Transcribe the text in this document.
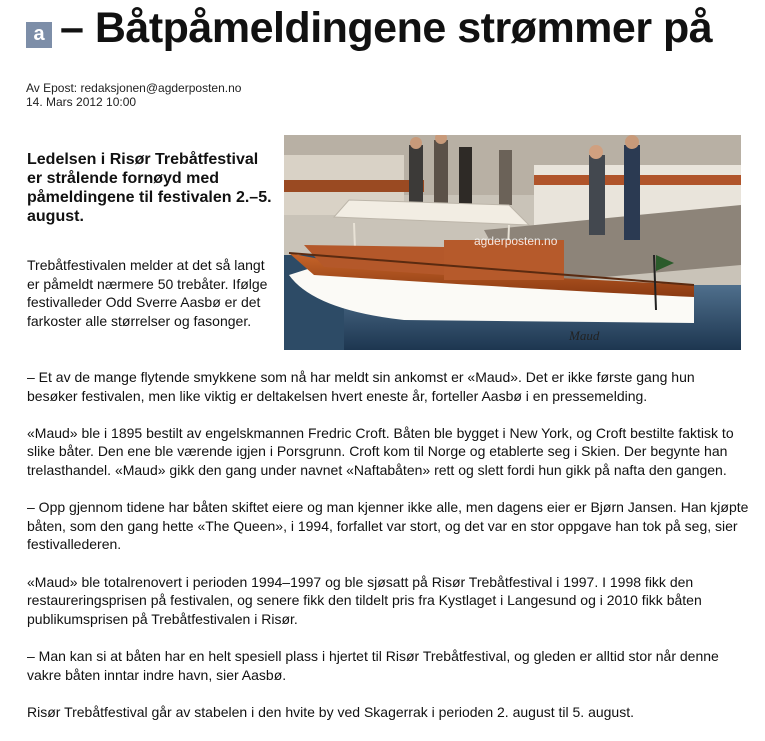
a – Båtpåmeldingene strømmer på
Av Epost: redaksjonen@agderposten.no
14. Mars 2012 10:00
Maud
agderposten.no
Ledelsen i Risør Trebåtfestival er strålende fornøyd med påmeldingene til festivalen 2.–5. august.
Trebåtfestivalen melder at det så langt er påmeldt nærmere 50 trebåter. Ifølge festivalleder Odd Sverre Aasbø er det farkoster alle størrelser og fasonger.

– Et av de mange flytende smykkene som nå har meldt sin ankomst er «Maud». Det er ikke første gang hun besøker festivalen, men like viktig er deltakelsen hvert eneste år, forteller Aasbø i en pressemelding.

«Maud» ble i 1895 bestilt av engelskmannen Fredric Croft. Båten ble bygget i New York, og Croft bestilte faktisk to slike båter. Den ene ble værende igjen i Porsgrunn. Croft kom til Norge og etablerte seg i Skien. Der begynte han trelasthandel. «Maud» gikk den gang under navnet «Naftabåten» rett og slett fordi hun gikk på nafta den gangen.

– Opp gjennom tidene har båten skiftet eiere og man kjenner ikke alle, men dagens eier er Bjørn Jansen. Han kjøpte båten, som den gang hette «The Queen», i 1994, forfallet var stort, og det var en stor oppgave han tok på seg, sier festivallederen.

«Maud» ble totalrenovert i perioden 1994–1997 og ble sjøsatt på Risør Trebåtfestival i 1997. I 1998 fikk den restaureringsprisen på festivalen, og senere fikk den tildelt pris fra Kystlaget i Langesund og i 2010 fikk båten publikumsprisen på Trebåtfestivalen i Risør.

– Man kan si at båten har en helt spesiell plass i hjertet til Risør Trebåtfestival, og gleden er alltid stor når denne vakre båten inntar indre havn, sier Aasbø.

Risør Trebåtfestival går av stabelen i den hvite by ved Skagerrak i perioden 2. august til 5. august.
